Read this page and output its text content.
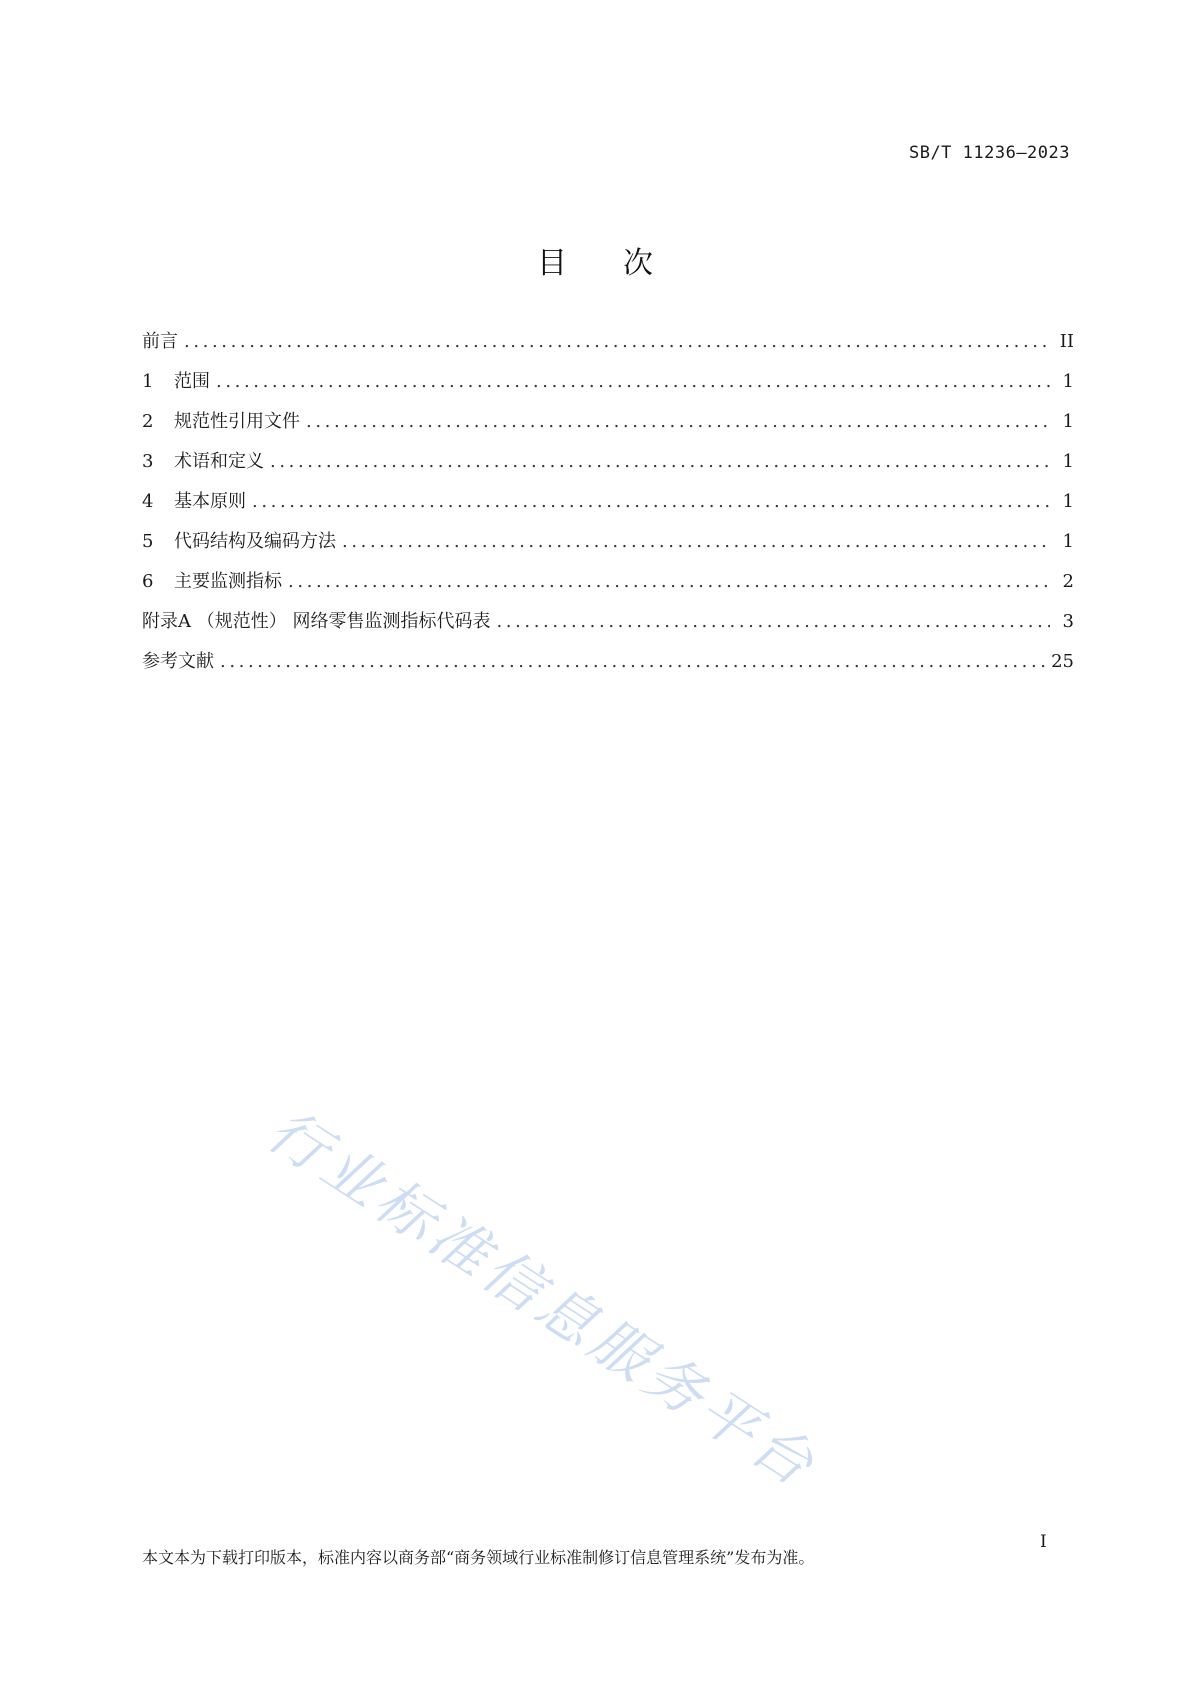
SB/T 11236—2023
目次
前言 .....	II
1	范围 .....	1
2	规范性引用文件 .....	1
3	术语和定义 .....	1
4	基本原则 .....	1
5	代码结构及编码方法 .....	1
6	主要监测指标 .....	2
附录A （规范性） 网络零售监测指标代码表 .....	3
参考文献 .....	25
行业标准信息服务平台
I
本文本为下载打印版本，标准内容以商务部“商务领域行业标准制修订信息管理系统”发布为准。
